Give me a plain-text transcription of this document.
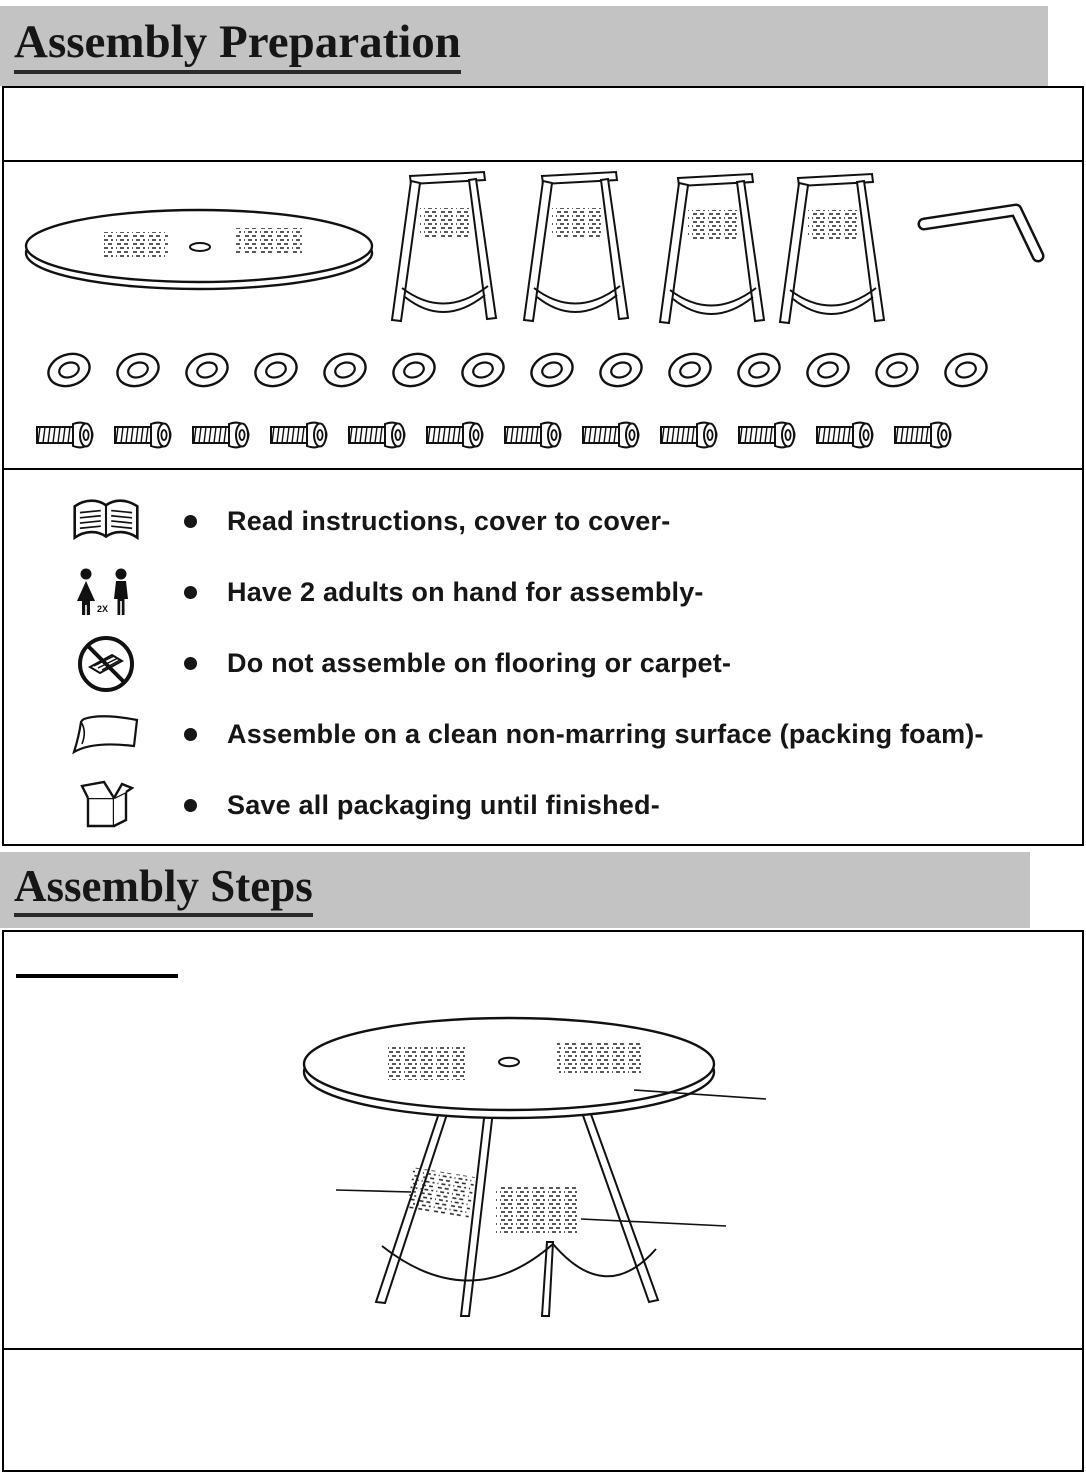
Assembly Preparation
Read instructions, cover to cover-
2X
Have 2 adults on hand for assembly-
Do not assemble on flooring or carpet-
Assemble on a clean non-marring surface (packing foam)-
Save all packaging until finished-
Assembly Steps
